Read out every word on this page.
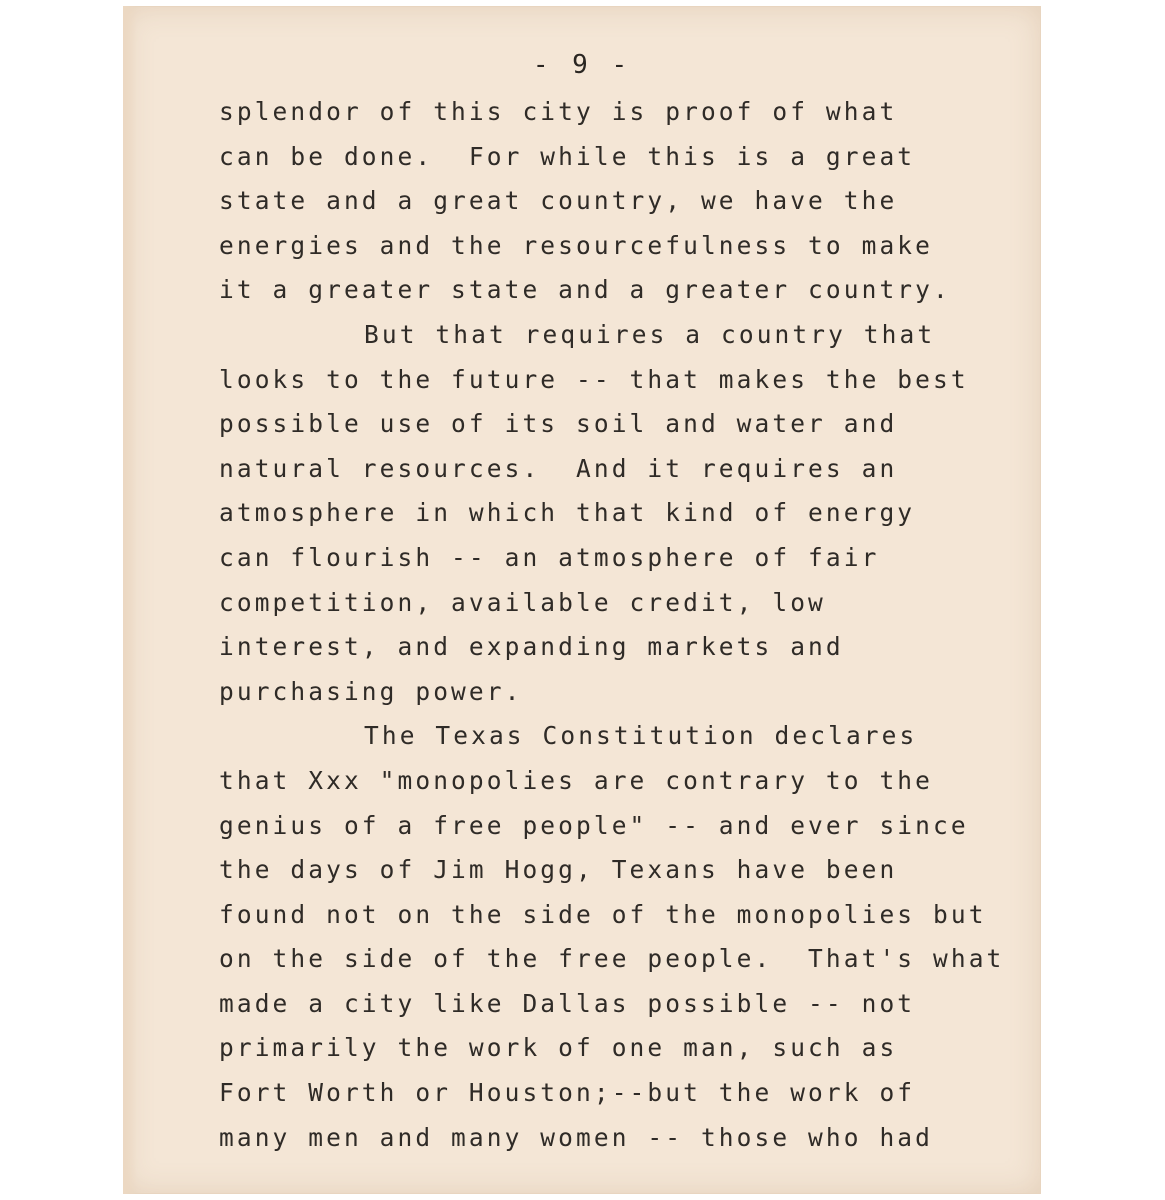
- 9 -
splendor of this city is proof of what
can be done.  For while this is a great
state and a great country, we have the
energies and the resourcefulness to make
it a greater state and a greater country.
But that requires a country that
looks to the future -- that makes the best
possible use of its soil and water and
natural resources.  And it requires an
atmosphere in which that kind of energy
can flourish -- an atmosphere of fair
competition, available credit, low
interest, and expanding markets and
purchasing power.
The Texas Constitution declares
that Xxx "monopolies are contrary to the
genius of a free people" -- and ever since
the days of Jim Hogg, Texans have been
found not on the side of the monopolies but
on the side of the free people.  That's what
made a city like Dallas possible -- not
primarily the work of one man, such as
Fort Worth or Houston;--but the work of
many men and many women -- those who had
